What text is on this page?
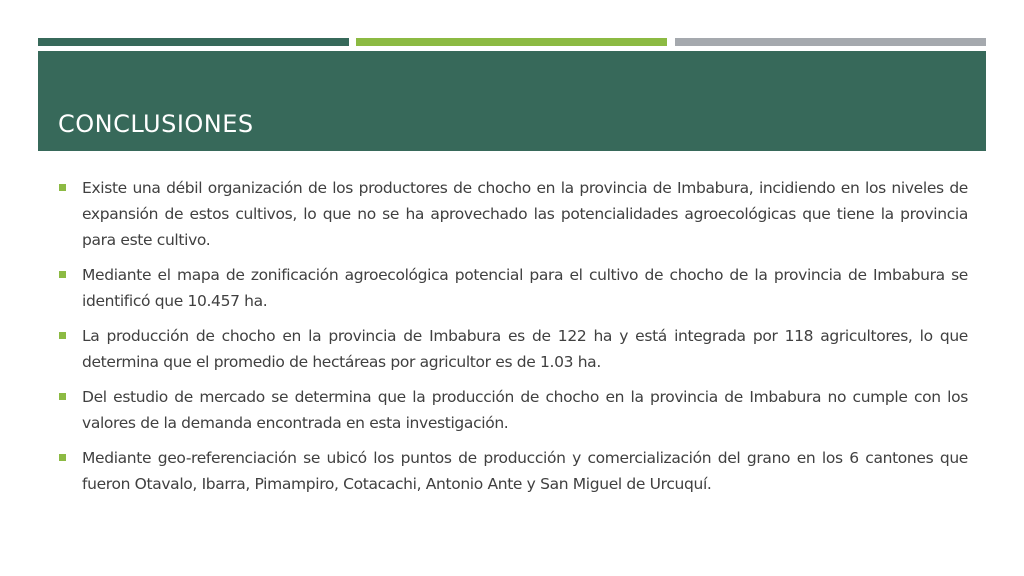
CONCLUSIONES
Existe una débil organización de los productores de chocho en la provincia de Imbabura, incidiendo en los niveles de expansión de estos cultivos, lo que no se ha aprovechado las potencialidades agroecológicas que tiene la provincia para este cultivo.
Mediante el mapa de zonificación agroecológica potencial para el cultivo de chocho de la provincia de Imbabura se identificó que 10.457 ha.
La producción de chocho en la provincia de Imbabura es de 122 ha y está integrada por 118 agricultores, lo que determina que el promedio de hectáreas por agricultor es de 1.03 ha.
Del estudio de mercado se determina que la producción de chocho en la provincia de Imbabura no cumple con los valores de la demanda encontrada en esta investigación.
Mediante geo-referenciación se ubicó los puntos de producción y comercialización del grano en los 6 cantones que fueron Otavalo, Ibarra, Pimampiro, Cotacachi, Antonio Ante y San Miguel de Urcuquí.
